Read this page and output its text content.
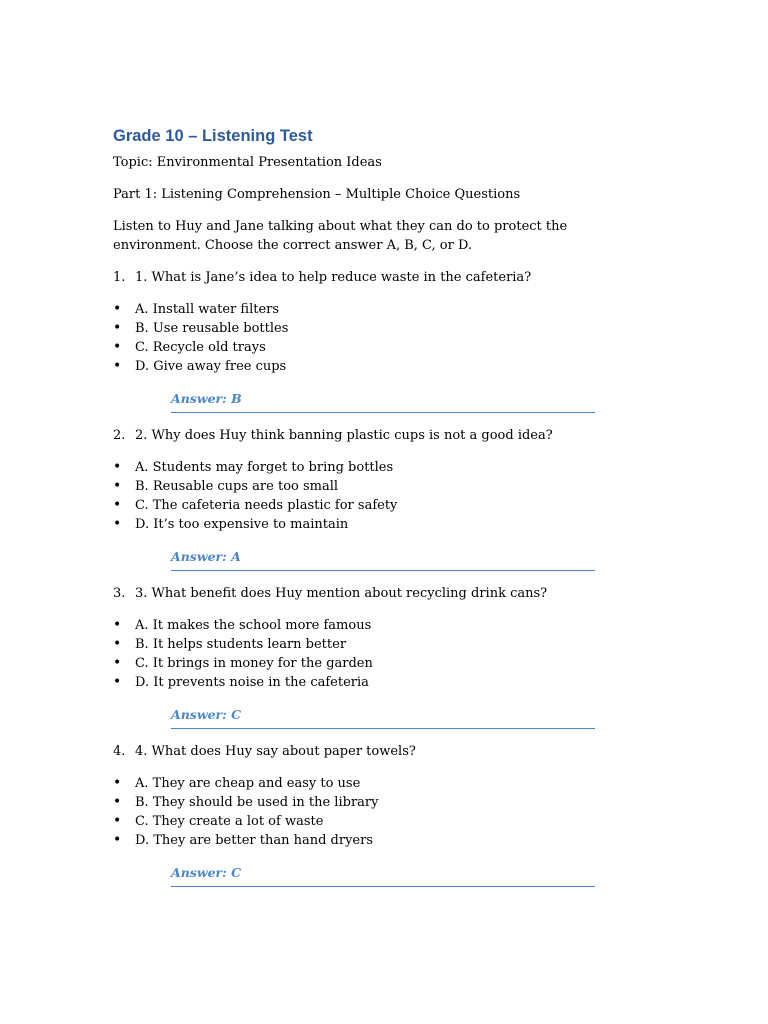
Grade 10 – Listening Test

Topic: Environmental Presentation Ideas

Part 1: Listening Comprehension – Multiple Choice Questions

Listen to Huy and Jane talking about what they can do to protect the environment. Choose the correct answer A, B, C, or D.

1. 1. What is Jane’s idea to help reduce waste in the cafeteria?
•	A. Install water filters
•	B. Use reusable bottles
•	C. Recycle old trays
•	D. Give away free cups
Answer: B
2. 2. Why does Huy think banning plastic cups is not a good idea?
•	A. Students may forget to bring bottles
•	B. Reusable cups are too small
•	C. The cafeteria needs plastic for safety
•	D. It’s too expensive to maintain
Answer: A
3. 3. What benefit does Huy mention about recycling drink cans?
•	A. It makes the school more famous
•	B. It helps students learn better
•	C. It brings in money for the garden
•	D. It prevents noise in the cafeteria
Answer: C
4. 4. What does Huy say about paper towels?
•	A. They are cheap and easy to use
•	B. They should be used in the library
•	C. They create a lot of waste
•	D. They are better than hand dryers
Answer: C
